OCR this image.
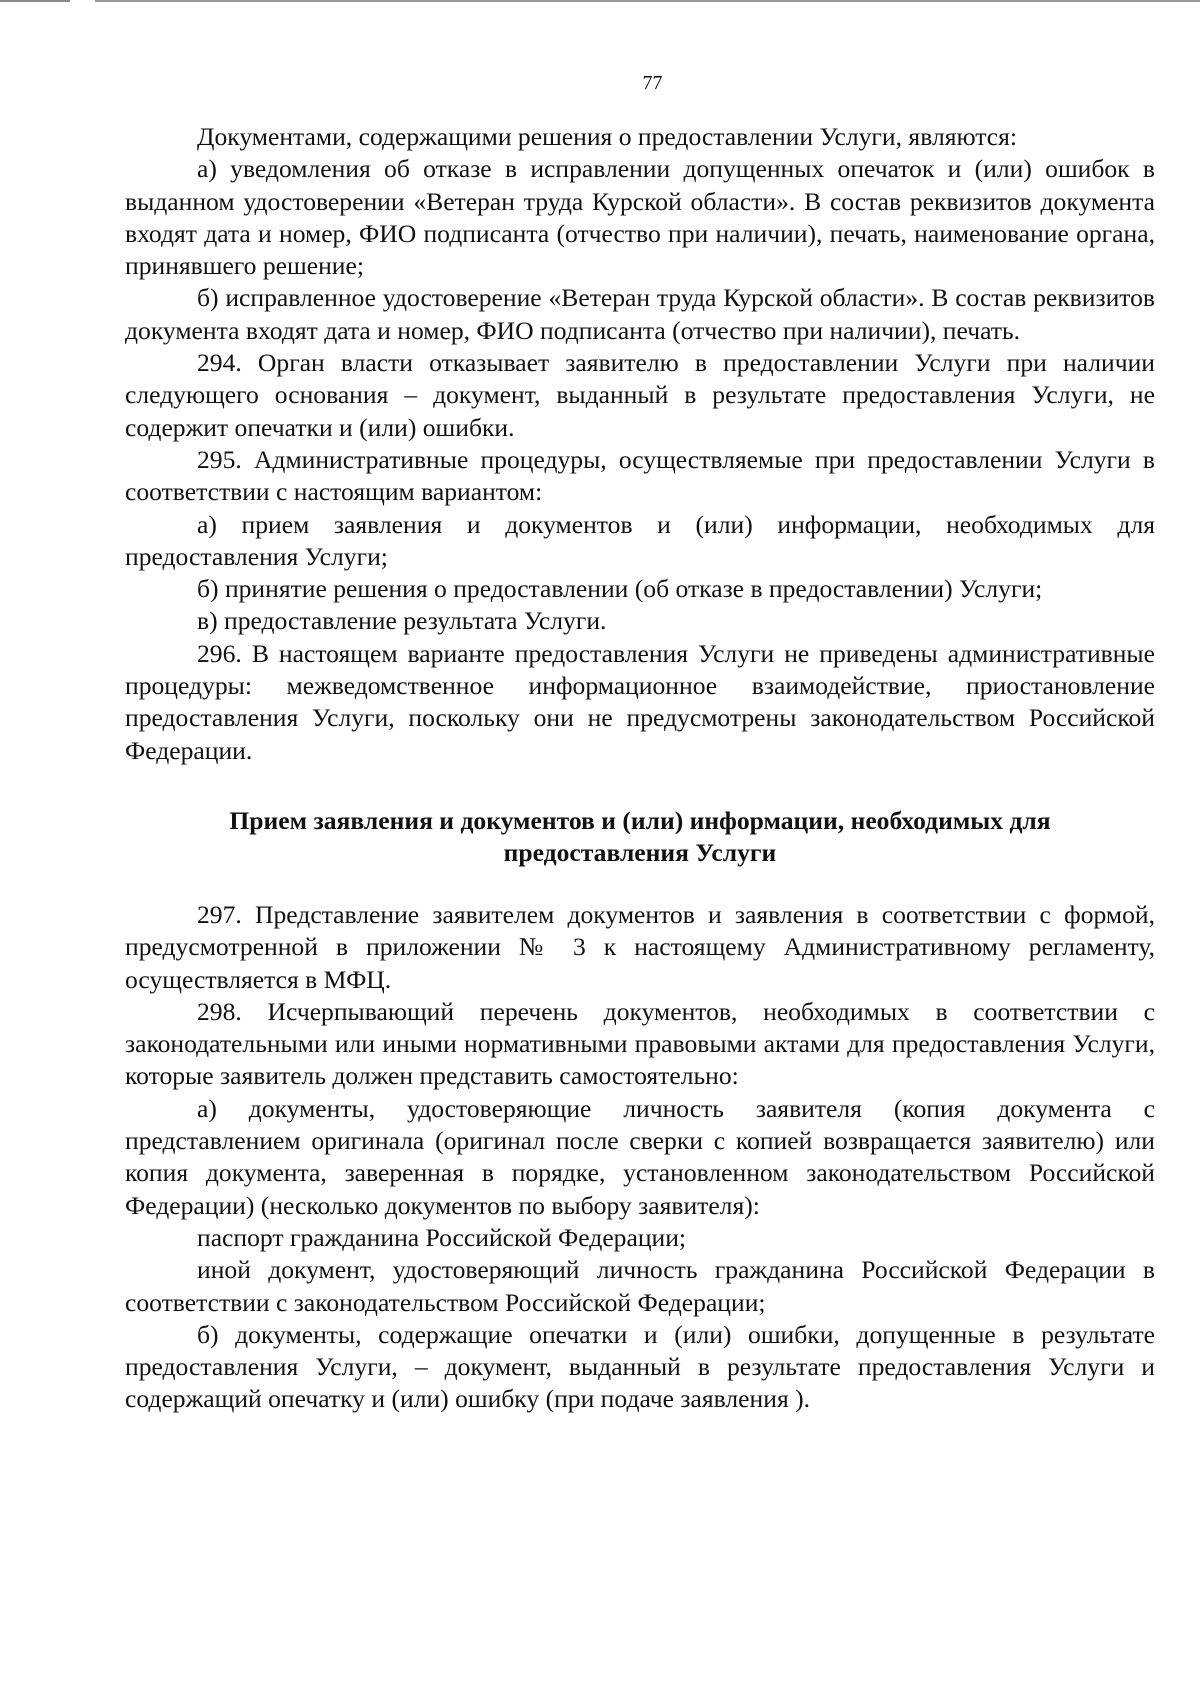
77

Документами, содержащими решения о предоставлении Услуги, являются:

а) уведомления об отказе в исправлении допущенных опечаток и (или) ошибок в выданном удостоверении «Ветеран труда Курской области». В состав реквизитов документа входят дата и номер, ФИО подписанта (отчество при наличии), печать, наименование органа, принявшего решение;

б) исправленное удостоверение «Ветеран труда Курской области». В состав реквизитов документа входят дата и номер, ФИО подписанта (отчество при наличии), печать.

294. Орган власти отказывает заявителю в предоставлении Услуги при наличии следующего основания – документ, выданный в результате предоставления Услуги, не содержит опечатки и (или) ошибки.

295. Административные процедуры, осуществляемые при предоставлении Услуги в соответствии с настоящим вариантом:

а) прием заявления и документов и (или) информации, необходимых для предоставления Услуги;

б) принятие решения о предоставлении (об отказе в предоставлении) Услуги;

в) предоставление результата Услуги.

296. В настоящем варианте предоставления Услуги не приведены административные процедуры: межведомственное информационное взаимодействие, приостановление предоставления Услуги, поскольку они не предусмотрены законодательством Российской Федерации.

Прием заявления и документов и (или) информации, необходимых для
предоставления Услуги

297. Представление заявителем документов и заявления в соответствии с формой, предусмотренной в приложении № 3 к настоящему Административному регламенту, осуществляется в МФЦ.

298. Исчерпывающий перечень документов, необходимых в соответствии с законодательными или иными нормативными правовыми актами для предоставления Услуги, которые заявитель должен представить самостоятельно:

а) документы, удостоверяющие личность заявителя (копия документа с представлением оригинала (оригинал после сверки с копией возвращается заявителю) или копия документа, заверенная в порядке, установленном законодательством Российской Федерации) (несколько документов по выбору заявителя):

паспорт гражданина Российской Федерации;

иной документ, удостоверяющий личность гражданина Российской Федерации в соответствии с законодательством Российской Федерации;

б) документы, содержащие опечатки и (или) ошибки, допущенные в результате предоставления Услуги, – документ, выданный в результате предоставления Услуги и содержащий опечатку и (или) ошибку (при подаче заявления ).
